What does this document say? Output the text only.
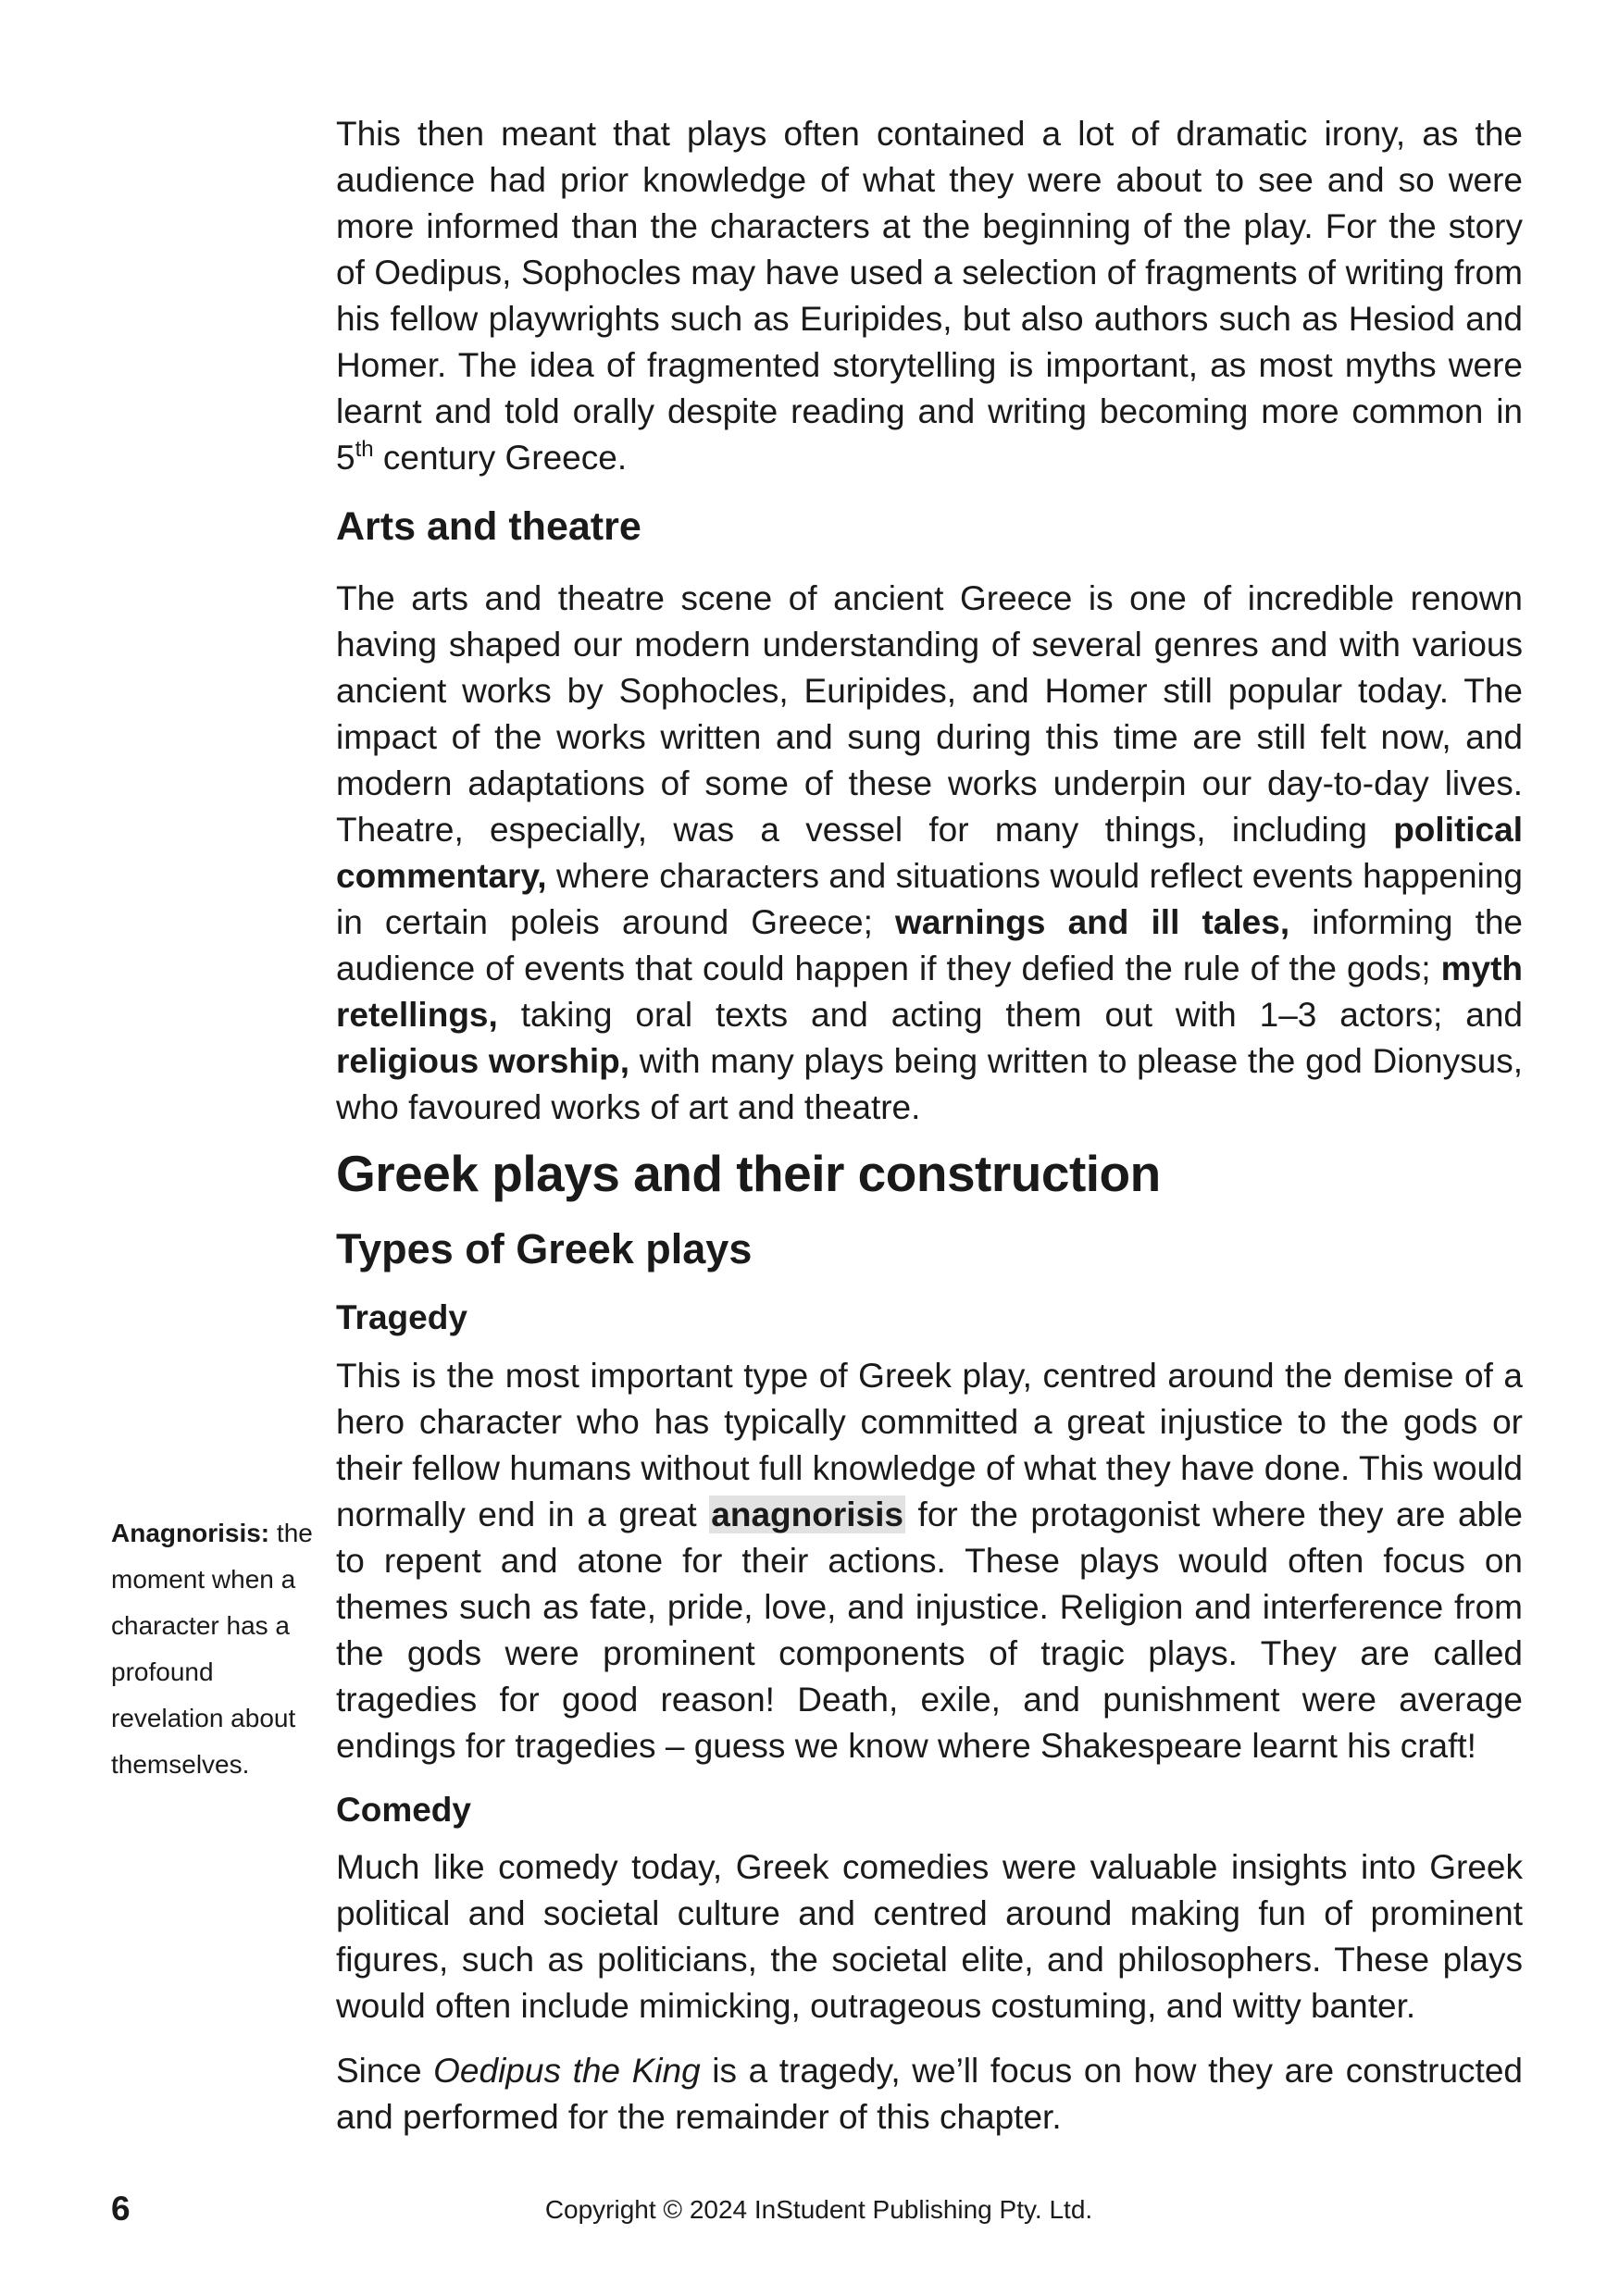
This then meant that plays often contained a lot of dramatic irony, as the audience had prior knowledge of what they were about to see and so were more informed than the characters at the beginning of the play. For the story of Oedipus, Sophocles may have used a selection of fragments of writing from his fellow playwrights such as Euripides, but also authors such as Hesiod and Homer. The idea of fragmented storytelling is important, as most myths were learnt and told orally despite reading and writing becoming more common in 5th century Greece.

Arts and theatre

The arts and theatre scene of ancient Greece is one of incredible renown having shaped our modern understanding of several genres and with various ancient works by Sophocles, Euripides, and Homer still popular today. The impact of the works written and sung during this time are still felt now, and modern adaptations of some of these works underpin our day-to-day lives. Theatre, especially, was a vessel for many things, including political commentary, where characters and situations would reflect events happening in certain poleis around Greece; warnings and ill tales, informing the audience of events that could happen if they defied the rule of the gods; myth retellings, taking oral texts and acting them out with 1–3 actors; and religious worship, with many plays being written to please the god Dionysus, who favoured works of art and theatre.

Greek plays and their construction
Types of Greek plays
Tragedy

This is the most important type of Greek play, centred around the demise of a hero character who has typically committed a great injustice to the gods or their fellow humans without full knowledge of what they have done. This would normally end in a great anagnorisis for the protagonist where they are able to repent and atone for their actions. These plays would often focus on themes such as fate, pride, love, and injustice. Religion and interference from the gods were prominent components of tragic plays. They are called tragedies for good reason! Death, exile, and punishment were average endings for tragedies – guess we know where Shakespeare learnt his craft!

Comedy

Much like comedy today, Greek comedies were valuable insights into Greek political and societal culture and centred around making fun of prominent figures, such as politicians, the societal elite, and philosophers. These plays would often include mimicking, outrageous costuming, and witty banter.

Since Oedipus the King is a tragedy, we’ll focus on how they are constructed and performed for the remainder of this chapter.

Anagnorisis: the moment when a character has a profound revelation about themselves.
6	Copyright © 2024 InStudent Publishing Pty. Ltd.
